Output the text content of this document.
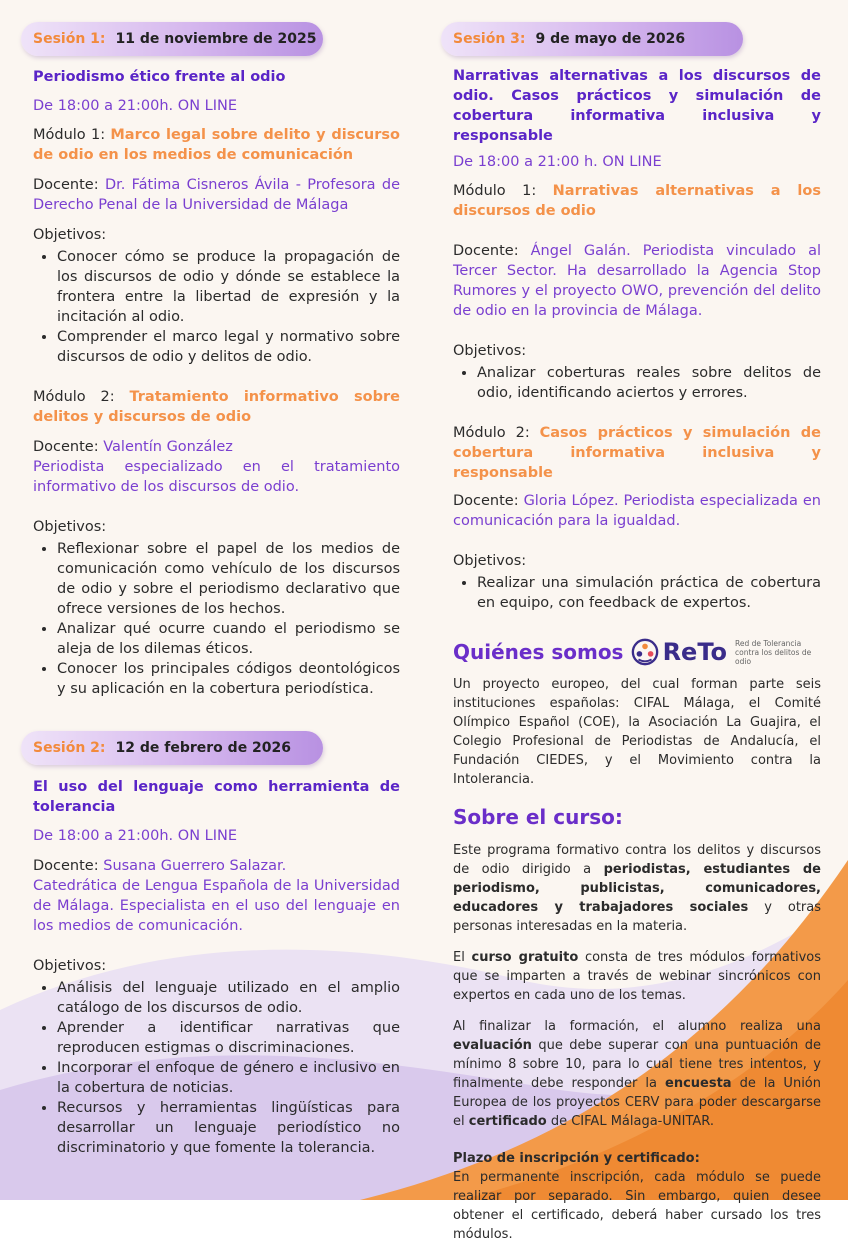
Sesión 1: 11 de noviembre de 2025

Periodismo ético frente al odio

De 18:00 a 21:00h. ON LINE

Módulo 1: Marco legal sobre delito y discurso de odio en los medios de comunicación

Docente: Dr. Fátima Cisneros Ávila - Profesora de Derecho Penal de la Universidad de Málaga

Objetivos:

• Conocer cómo se produce la propagación de los discursos de odio y dónde se establece la frontera entre la libertad de expresión y la incitación al odio.
• Comprender el marco legal y normativo sobre discursos de odio y delitos de odio.

Módulo 2: Tratamiento informativo sobre delitos y discursos de odio

Docente: Valentín González

Periodista especializado en el tratamiento informativo de los discursos de odio.

Objetivos:

• Reflexionar sobre el papel de los medios de comunicación como vehículo de los discursos de odio y sobre el periodismo declarativo que ofrece versiones de los hechos.
• Analizar qué ocurre cuando el periodismo se aleja de los dilemas éticos.
• Conocer los principales códigos deontológicos y su aplicación en la cobertura periodística.
Sesión 2: 12 de febrero de 2026

El uso del lenguaje como herramienta de tolerancia

De 18:00 a 21:00h. ON LINE

Docente: Susana Guerrero Salazar.

Catedrática de Lengua Española de la Universidad de Málaga. Especialista en el uso del lenguaje en los medios de comunicación.

Objetivos:

• Análisis del lenguaje utilizado en el amplio catálogo de los discursos de odio.
• Aprender a identificar narrativas que reproducen estigmas o discriminaciones.
• Incorporar el enfoque de género e inclusivo en la cobertura de noticias.
• Recursos y herramientas lingüísticas para desarrollar un lenguaje periodístico no discriminatorio y que fomente la tolerancia.
Sesión 3: 9 de mayo de 2026

Narrativas alternativas a los discursos de odio. Casos prácticos y simulación de cobertura informativa inclusiva y responsable

De 18:00 a 21:00 h. ON LINE

Módulo 1: Narrativas alternativas a los discursos de odio

Docente: Ángel Galán. Periodista vinculado al Tercer Sector. Ha desarrollado la Agencia Stop Rumores y el proyecto OWO, prevención del delito de odio en la provincia de Málaga.

Objetivos:

• Analizar coberturas reales sobre delitos de odio, identificando aciertos y errores.

Módulo 2: Casos prácticos y simulación de cobertura informativa inclusiva y responsable

Docente: Gloria López. Periodista especializada en comunicación para la igualdad.

Objetivos:

• Realizar una simulación práctica de cobertura en equipo, con feedback de expertos.
Quiénes somos ReTo Red de Tolerancia contra los delitos de odio

Un proyecto europeo, del cual forman parte seis instituciones españolas: CIFAL Málaga, el Comité Olímpico Español (COE), la Asociación La Guajira, el Colegio Profesional de Periodistas de Andalucía, el Fundación CIEDES, y el Movimiento contra la Intolerancia.

Sobre el curso:

Este programa formativo contra los delitos y discursos de odio dirigido a periodistas, estudiantes de periodismo, publicistas, comunicadores, educadores y trabajadores sociales y otras personas interesadas en la materia.

El curso gratuito consta de tres módulos formativos que se imparten a través de webinar sincrónicos con expertos en cada uno de los temas.

Al finalizar la formación, el alumno realiza una evaluación que debe superar con una puntuación de mínimo 8 sobre 10, para lo cual tiene tres intentos, y finalmente debe responder la encuesta de la Unión Europea de los proyectos CERV para poder descargarse el certificado de CIFAL Málaga-UNITAR.

Plazo de inscripción y certificado:

En permanente inscripción, cada módulo se puede realizar por separado. Sin embargo, quien desee obtener el certificado, deberá haber cursado los tres módulos.
